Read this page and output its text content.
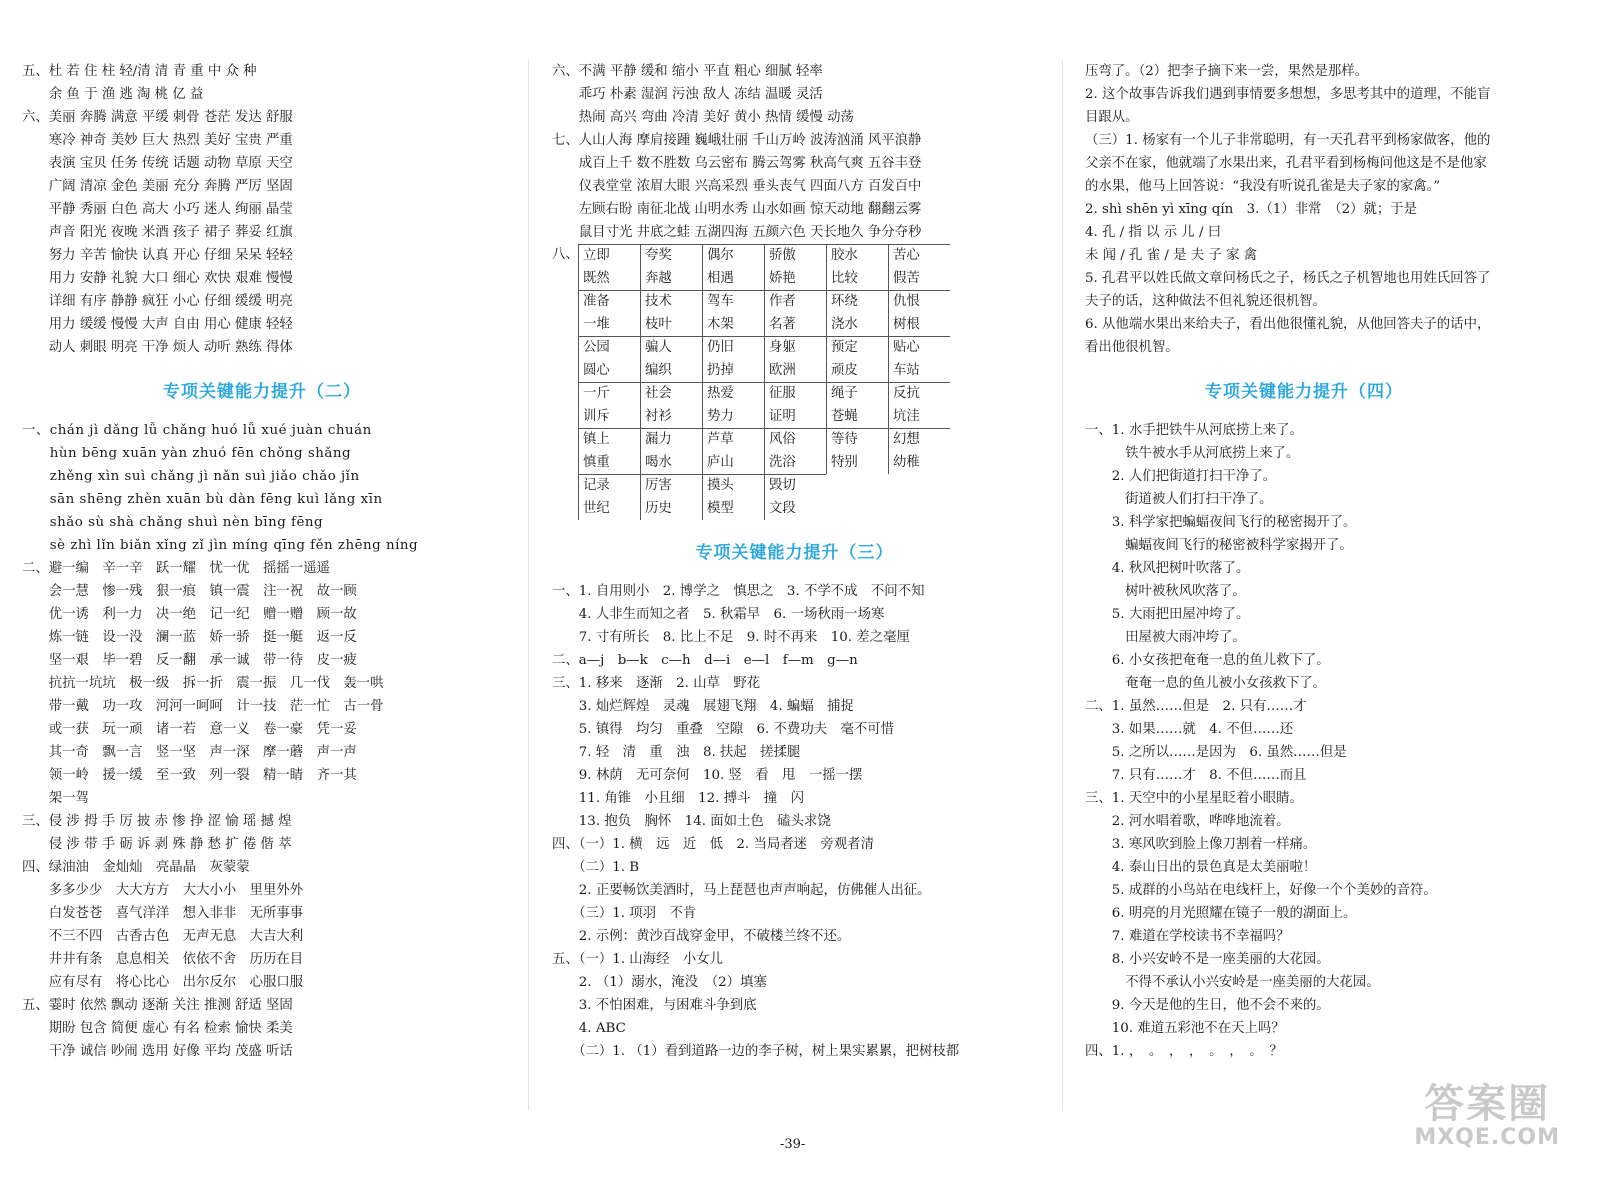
五、杜 若 住 柱 轻/清 清 青 重 中 众 种
　　余 鱼 于 渔 逃 淘 桃 亿 益
六、美丽 奔腾 满意 平缓 刺骨 苍茫 发达 舒服
　　寒冷 神奇 美妙 巨大 热烈 美好 宝贵 严重
　　表演 宝贝 任务 传统 话题 动物 草原 天空
　　广阔 清凉 金色 美丽 充分 奔腾 严厉 坚固
　　平静 秀丽 白色 高大 小巧 迷人 绚丽 晶莹
　　声音 阳光 夜晚 米酒 孩子 裙子 葬妥 红旗
　　努力 辛苦 愉快 认真 开心 仔细 呆呆 轻轻
　　用力 安静 礼貌 大口 细心 欢快 艰难 慢慢
　　详细 有序 静静 疯狂 小心 仔细 缓缓 明亮
　　用力 缓缓 慢慢 大声 自由 用心 健康 轻轻
　　动人 刺眼 明亮 干净 烦人 动听 熟练 得体
专项关键能力提升（二）
一、chán jì dǎng lǚ chǎng huó lǚ xué juàn chuán
　　hùn bēng xuān yàn zhuó fēn chǒng shǎng
　　zhěng xìn suì chǎng jì nǎn suì jiǎo chǎo jǐn
　　sān shēng zhèn xuān bù dàn fēng kuì lǎng xīn
　　shǎo sù shà chǎng shuì nèn bīng fēng
　　sè zhì lǐn biǎn xǐng zǐ jìn míng qīng fěn zhēng níng
二、避一编　辛一辛　跃一耀　忧一优　摇摇一遥遥
　　会一慧　惨一残　狠一痕　镇一震　注一祝　故一顾
　　优一诱　利一力　决一绝　记一纪　赠一赠　顾一故
　　炼一链　设一没　澜一蓝　娇一骄　挺一艇　返一反
　　坚一艰　毕一碧　反一翻　承一诚　带一待　皮一疲
　　抗抗一坑坑　极一级　拆一折　震一振　几一伐　轰一哄
　　带一戴　功一攻　河河一呵呵　计一技　茫一忙　古一骨
　　或一获　玩一顽　诸一若　意一义　卷一豪　凭一妥
　　其一奇　飘一言　竖一坚　声一深　摩一蘑　声一声
　　领一岭　援一缓　至一致　列一裂　精一睛　齐一其
　　架一驾
三、侵 涉 拇 手 厉 披 赤 惨 挣 涩 愉 瑶 撼 煌
　　侵 涉 带 手 砺 诉 剥 殊 静 愁 扩 倦 偕 萃
四、绿油油　金灿灿　亮晶晶　灰蒙蒙
　　多多少少　大大方方　大大小小　里里外外
　　白发苍苍　喜气洋洋　想入非非　无所事事
　　不三不四　古香古色　无声无息　大吉大利
　　井井有条　息息相关　依依不舍　历历在目
　　应有尽有　将心比心　出尔反尔　心服口服
五、霎时 依然 飘动 逐渐 关注 推测 舒适 坚固
　　期盼 包含 简便 虚心 有名 检索 愉快 柔美
　　干净 诚信 吵闹 选用 好像 平均 茂盛 听话
六、不满 平静 缓和 缩小 平直 粗心 细腻 轻率
　　乖巧 朴素 湿润 污浊 敌人 冻结 温暖 灵活
　　热闹 高兴 弯曲 冷清 美好 黄小 热情 缓慢 动荡
七、人山人海 摩肩接踵 巍峨壮丽 千山万岭 波涛汹涌 风平浪静
　　成百上千 数不胜数 乌云密布 腾云驾雾 秋高气爽 五谷丰登
　　仪表堂堂 浓眉大眼 兴高采烈 垂头丧气 四面八方 百发百中
　　左顾右盼 南征北战 山明水秀 山水如画 惊天动地 翻翻云雾
　　鼠目寸光 井底之蛙 五湖四海 五颜六色 天长地久 争分夺秒
八、 立即	夸奖	偶尔	骄傲	胶水	苦心
既然	奔越	相遇	娇艳	比较	假苦
准备	技术	驾车	作者	环绕	仇恨
一堆	枝叶	木架	名著	浇水	树根
公园	骗人	仍旧	身躯	预定	贴心
圆心	编织	扔掉	欧洲	顽皮	车站
一斤	社会	热爱	征服	绳子	反抗
训斥	衬衫	势力	证明	苍蝇	坑洼
镇上	漏力	芦草	风俗	等待	幻想
慎重	喝水	庐山	洗浴	特别	幼稚
记录	厉害	摸头	毁切
世纪	历史	模型	文段
专项关键能力提升（三）
一、1. 自用则小　2. 博学之　慎思之　3. 不学不成　不问不知
　　4. 人非生而知之者　5. 秋霜早　6. 一场秋雨一场寒
　　7. 寸有所长　8. 比上不足　9. 时不再来　10. 差之毫厘
二、a—j　b—k　c—h　d—i　e—l　f—m　g—n
三、1. 移来　逐渐　2. 山草　野花
　　3. 灿烂辉煌　灵魂　展翅飞翔　4. 蝙蝠　捕捉
　　5. 镇得　均匀　重叠　空隙　6. 不费功夫　毫不可惜
　　7. 轻　清　重　浊　8. 扶起　搓揉腿
　　9. 林荫　无可奈何　10. 竖　看　甩　一摇一摆
　　11. 角锥　小且细　12. 搏斗　撞　闪
　　13. 抱负　胸怀　14. 面如土色　磕头求饶
四、（一）1. 横　远　近　低　2. 当局者迷　旁观者清
　　（二）1. B
　　2. 正要畅饮美酒时，马上琵琶也声声响起，仿佛催人出征。
　　（三）1. 项羽　不肯
　　2. 示例：黄沙百战穿金甲，不破楼兰终不还。
五、（一）1. 山海经　小女儿
　　2. （1）溺水，淹没　（2）填塞
　　3. 不怕困难，与困难斗争到底
　　4. ABC
　　（二）1. （1）看到道路一边的李子树，树上果实累累，把树枝都
压弯了。（2）把李子摘下来一尝，果然是那样。
2. 这个故事告诉我们遇到事情要多想想，多思考其中的道理，不能盲
目跟从。
（三）1. 杨家有一个儿子非常聪明，有一天孔君平到杨家做客，他的
父亲不在家，他就端了水果出来，孔君平看到杨梅问他这是不是他家
的水果，他马上回答说：“我没有听说孔雀是夫子家的家禽。”
2. shì shēn yì xīng qín　3.（1）非常　（2）就；于是
4. 孔 / 指 以 示 儿 / 曰
未 闻 / 孔 雀 / 是 夫 子 家 禽
5. 孔君平以姓氏做文章问杨氏之子，杨氏之子机智地也用姓氏回答了
夫子的话，这种做法不但礼貌还很机智。
6. 从他端水果出来给夫子，看出他很懂礼貌，从他回答夫子的话中，
看出他很机智。
专项关键能力提升（四）
一、1. 水手把铁牛从河底捞上来了。
　　　铁牛被水手从河底捞上来了。
　　2. 人们把街道打扫干净了。
　　　街道被人们打扫干净了。
　　3. 科学家把蝙蝠夜间飞行的秘密揭开了。
　　　蝙蝠夜间飞行的秘密被科学家揭开了。
　　4. 秋风把树叶吹落了。
　　　树叶被秋风吹落了。
　　5. 大雨把田屋冲垮了。
　　　田屋被大雨冲垮了。
　　6. 小女孩把奄奄一息的鱼儿救下了。
　　　奄奄一息的鱼儿被小女孩救下了。
二、1. 虽然……但是　2. 只有……才
　　3. 如果……就　4. 不但……还
　　5. 之所以……是因为　6. 虽然……但是
　　7. 只有……才　8. 不但……而且
三、1. 天空中的小星星眨着小眼睛。
　　2. 河水唱着歌，哗哗地流着。
　　3. 寒风吹到脸上像刀割着一样痛。
　　4. 泰山日出的景色真是太美丽啦！
　　5. 成群的小鸟站在电线杆上，好像一个个美妙的音符。
　　6. 明亮的月光照耀在镜子一般的湖面上。
　　7. 难道在学校读书不幸福吗？
　　8. 小兴安岭不是一座美丽的大花园。
　　　不得不承认小兴安岭是一座美丽的大花园。
　　9. 今天是他的生日，他不会不来的。
　　10. 难道五彩池不在天上吗？
四、1. ，　。　，　，　。　，　。　？
-39-
答案圈
MXQE.COM
